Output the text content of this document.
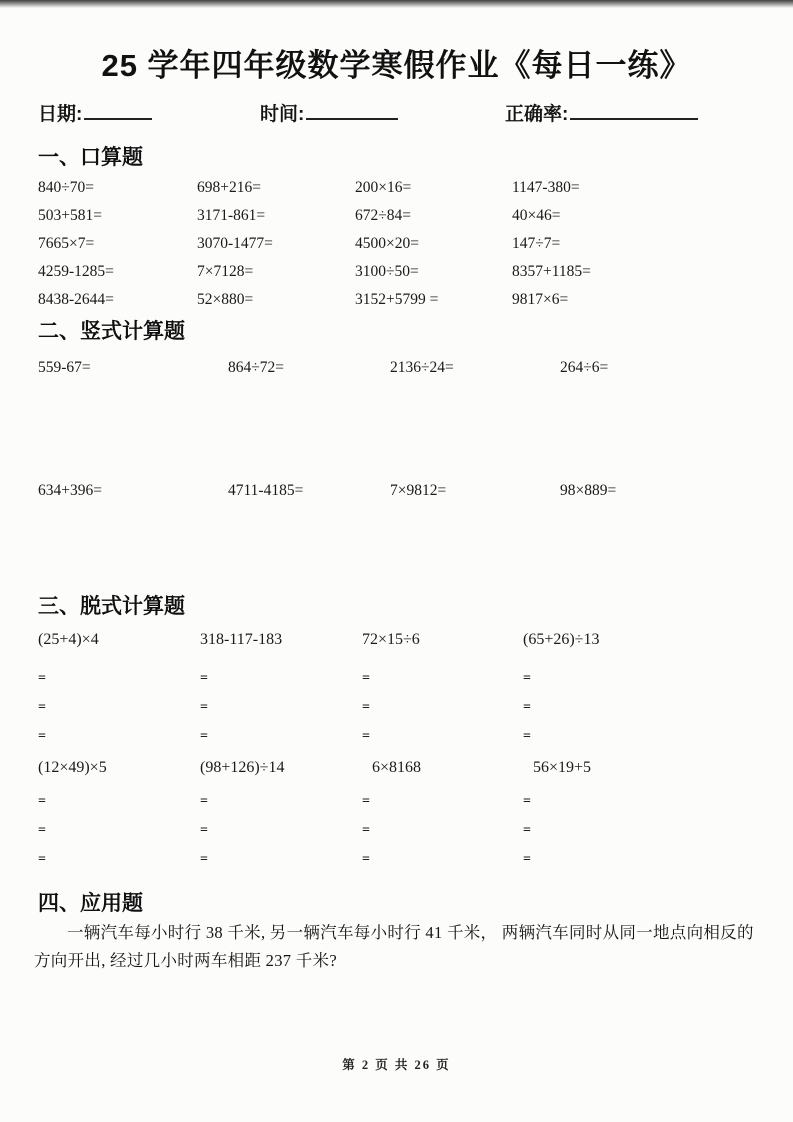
25 学年四年级数学寒假作业《每日一练》
日期:	时间:	正确率:
一、口算题
840÷70=	698+216=	200×16=	1147-380=
503+581=	3171-861=	672÷84=	40×46=
7665×7=	3070-1477=	4500×20=	147÷7=
4259-1285=	7×7128=	3100÷50=	8357+1185=
8438-2644=	52×880=	3152+5799 =	9817×6=
二、竖式计算题
559-67=	864÷72=	2136÷24=	264÷6=
634+396=	4711-4185=	7×9812=	98×889=
三、脱式计算题
(25+4)×4	318-117-183	72×15÷6	(65+26)÷13
=	=	=	=
=	=	=	=
=	=	=	=
(12×49)×5	(98+126)÷14	6×8168	56×19+5
=	=	=	=
=	=	=	=
=	=	=	=
四、应用题

一辆汽车每小时行 38 千米, 另一辆汽车每小时行 41 千米， 两辆汽车同时从同一地点向相反的方向开出, 经过几小时两车相距 237 千米?

第 2 页 共 26 页
